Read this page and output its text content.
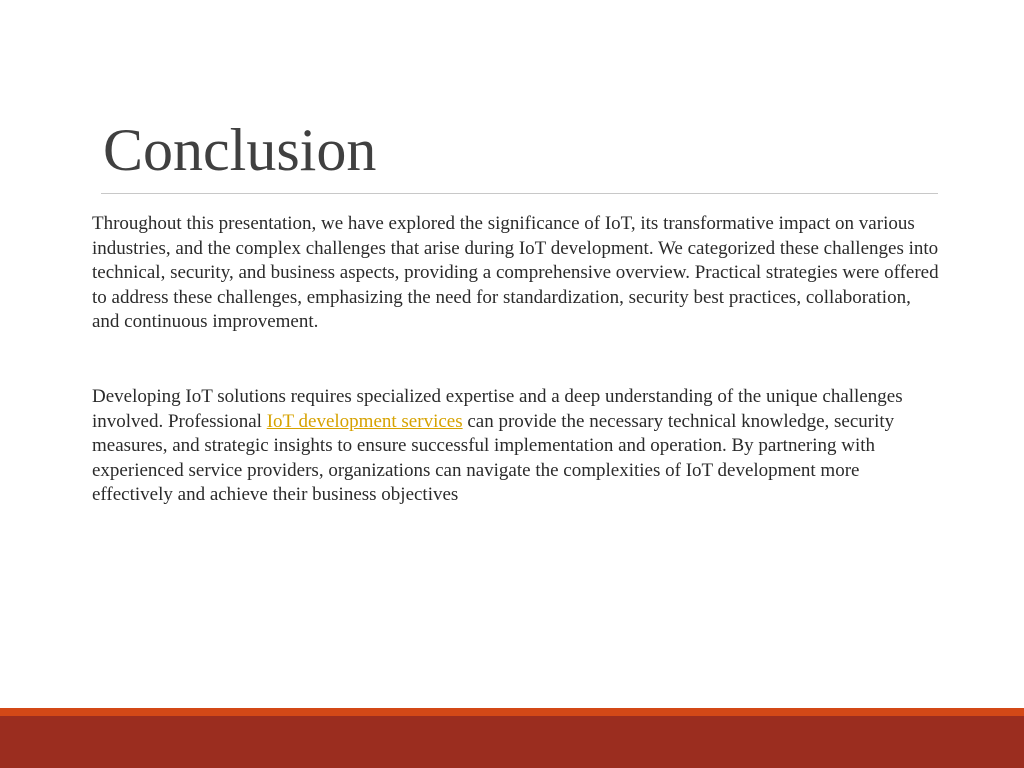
Conclusion

Throughout this presentation, we have explored the significance of IoT, its transformative impact on various industries, and the complex challenges that arise during IoT development. We categorized these challenges into technical, security, and business aspects, providing a comprehensive overview. Practical strategies were offered to address these challenges, emphasizing the need for standardization, security best practices, collaboration, and continuous improvement.

Developing IoT solutions requires specialized expertise and a deep understanding of the unique challenges involved. Professional IoT development services can provide the necessary technical knowledge, security measures, and strategic insights to ensure successful implementation and operation. By partnering with experienced service providers, organizations can navigate the complexities of IoT development more effectively and achieve their business objectives
